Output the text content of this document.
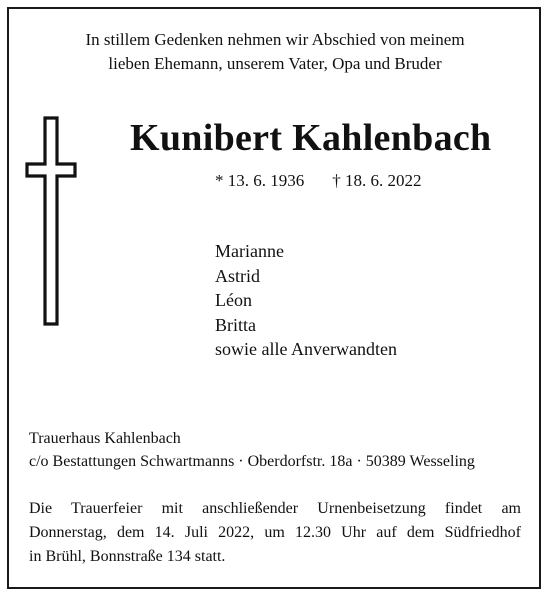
In stillem Gedenken nehmen wir Abschied von meinem
lieben Ehemann, unserem Vater, Opa und Bruder
Kunibert Kahlenbach
* 13. 6. 1936 † 18. 6. 2022
Marianne
Astrid
Léon
Britta
sowie alle Anverwandten
Trauerhaus Kahlenbach
c/o Bestattungen Schwartmanns · Oberdorfstr. 18a · 50389 Wesseling
Die Trauerfeier mit anschließender Urnenbeisetzung findet am
Donnerstag, dem 14. Juli 2022, um 12.30 Uhr auf dem Südfriedhof
in Brühl, Bonnstraße 134 statt.
